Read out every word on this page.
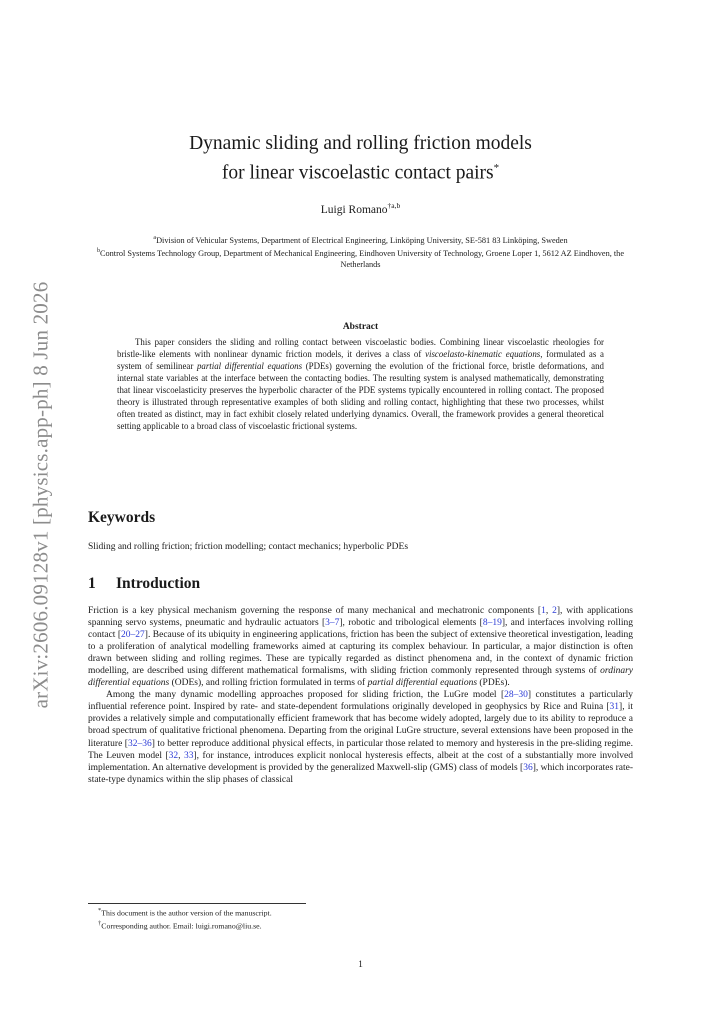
arXiv:2606.09128v1 [physics.app-ph] 8 Jun 2026
Dynamic sliding and rolling friction models
for linear viscoelastic contact pairs*
Luigi Romano$^{\dagger a,b}$
$^a$Division of Vehicular Systems, Department of Electrical Engineering, Linköping University, SE-581 83 Linköping, Sweden
$^b$Control Systems Technology Group, Department of Mechanical Engineering, Eindhoven University of Technology, Groene Loper 1, 5612 AZ Eindhoven, the Netherlands
Abstract
This paper considers the sliding and rolling contact between viscoelastic bodies. Combining linear viscoelastic rheologies for bristle-like elements with nonlinear dynamic friction models, it derives a class of viscoelasto-kinematic equations, formulated as a system of semilinear partial differential equations (PDEs) governing the evolution of the frictional force, bristle deformations, and internal state variables at the interface between the contacting bodies. The resulting system is analysed mathematically, demonstrating that linear viscoelasticity preserves the hyperbolic character of the PDE systems typically encountered in rolling contact. The proposed theory is illustrated through representative examples of both sliding and rolling contact, highlighting that these two processes, whilst often treated as distinct, may in fact exhibit closely related underlying dynamics. Overall, the framework provides a general theoretical setting applicable to a broad class of viscoelastic frictional systems.
Keywords
Sliding and rolling friction; friction modelling; contact mechanics; hyperbolic PDEs
1 Introduction

Friction is a key physical mechanism governing the response of many mechanical and mechatronic components [1, 2], with applications spanning servo systems, pneumatic and hydraulic actuators [3–7], robotic and tribological elements [8–19], and interfaces involving rolling contact [20–27]. Because of its ubiquity in engineering applications, friction has been the subject of extensive theoretical investigation, leading to a proliferation of analytical modelling frameworks aimed at capturing its complex behaviour. In particular, a major distinction is often drawn between sliding and rolling regimes. These are typically regarded as distinct phenomena and, in the context of dynamic friction modelling, are described using different mathematical formalisms, with sliding friction commonly represented through systems of ordinary differential equations (ODEs), and rolling friction formulated in terms of partial differential equations (PDEs).

Among the many dynamic modelling approaches proposed for sliding friction, the LuGre model [28–30] constitutes a particularly influential reference point. Inspired by rate- and state-dependent formulations originally developed in geophysics by Rice and Ruina [31], it provides a relatively simple and computationally efficient framework that has become widely adopted, largely due to its ability to reproduce a broad spectrum of qualitative frictional phenomena. Departing from the original LuGre structure, several extensions have been proposed in the literature [32–36] to better reproduce additional physical effects, in particular those related to memory and hysteresis in the pre-sliding regime. The Leuven model [32, 33], for instance, introduces explicit nonlocal hysteresis effects, albeit at the cost of a substantially more involved implementation. An alternative development is provided by the generalized Maxwell-slip (GMS) class of models [36], which incorporates rate-state-type dynamics within the slip phases of classical

*This document is the author version of the manuscript.
†Corresponding author. Email: luigi.romano@liu.se.
1
